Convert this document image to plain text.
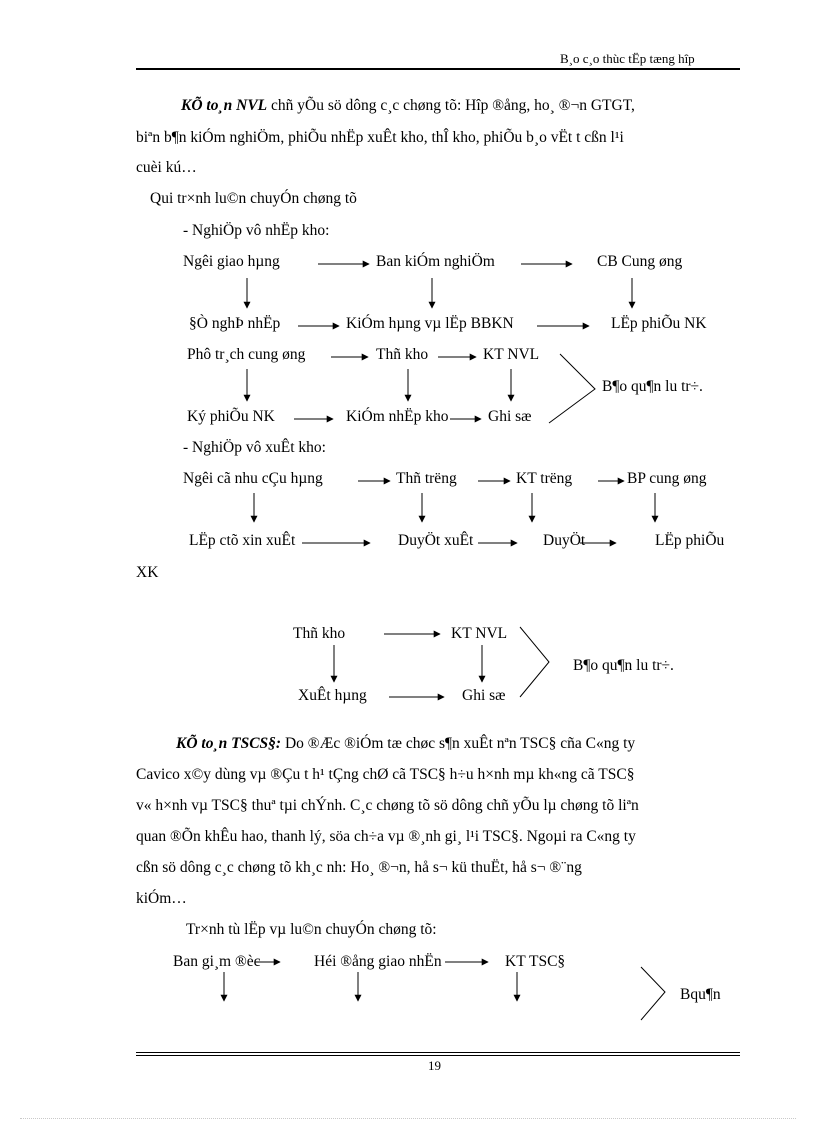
B¸o c¸o thùc tËp tæng hîp
KÕ to¸n NVL chñ yÕu sö dông c¸c chøng tõ: Hîp ®ång, ho¸ ®¬n GTGT,
biªn b¶n kiÓm nghiÖm, phiÕu nhËp xuÊt kho, thÎ kho, phiÕu b¸o vËt t cßn l¹i
cuèi kú…
Qui tr×nh lu©n chuyÓn chøng tõ
- NghiÖp vô nhËp kho:
Ngêi giao hµng	Ban kiÓm nghiÖm	CB Cung øng
§Ò nghÞ nhËp	KiÓm hµng vµ lËp BBKN	LËp phiÕu NK
Phô tr¸ch cung øng	Thñ kho	KT NVL
Ký phiÕu NK	KiÓm nhËp kho	Ghi sæ
B¶o qu¶n lu tr÷.
- NghiÖp vô xuÊt kho:
Ngêi cã nhu cÇu hµng	Thñ trëng	KT trëng	BP cung øng
LËp ctõ xin xuÊt	DuyÖt xuÊt	DuyÖt	LËp phiÕu
XK
Thñ kho	KT NVL
XuÊt hµng	Ghi sæ
B¶o qu¶n lu tr÷.
KÕ to¸n TSCS§: Do ®Æc ®iÓm tæ chøc s¶n xuÊt nªn TSC§ cña C«ng ty
Cavico x©y dùng vµ ®Çu t h¹ tÇng chØ cã TSC§ h÷u h×nh mµ kh«ng cã TSC§
v« h×nh vµ TSC§ thuª tµi chÝnh. C¸c chøng tõ sö dông chñ yÕu lµ chøng tõ liªn
quan ®Õn khÊu hao, thanh lý, söa ch÷a vµ ®¸nh gi¸ l¹i TSC§. Ngoµi ra C«ng ty
cßn sö dông c¸c chøng tõ kh¸c nh: Ho¸ ®¬n, hå s¬ kü thuËt, hå s¬ ®¨ng
kiÓm…
Tr×nh tù lËp vµ lu©n chuyÓn chøng tõ:
Ban gi¸m ®èc	Héi ®ång giao nhËn	KT TSC§
Bqu¶n
19
